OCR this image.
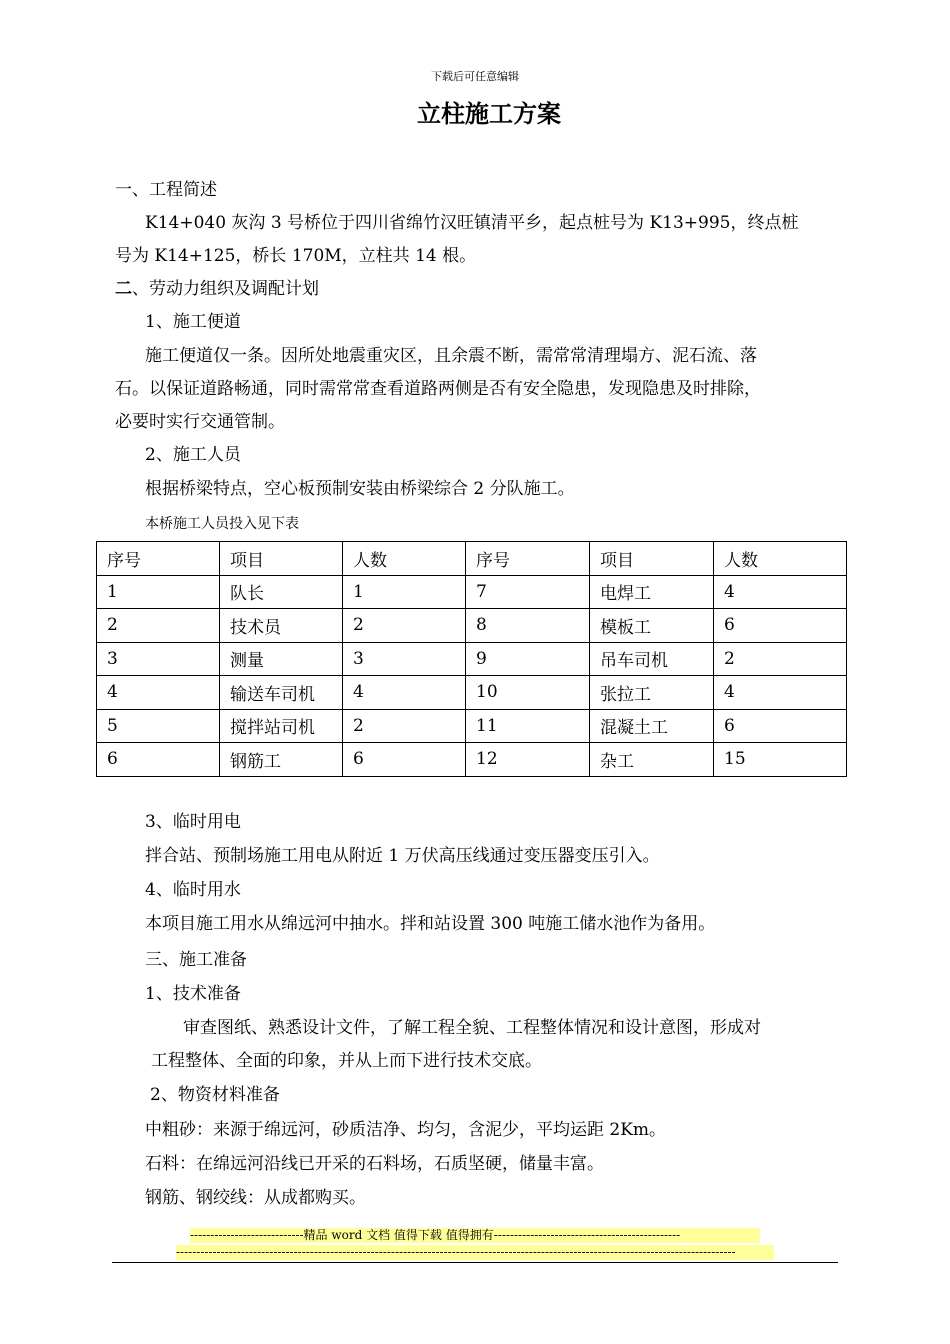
下载后可任意编辑
立柱施工方案
一、工程简述
K14+040 灰沟 3 号桥位于四川省绵竹汉旺镇清平乡，起点桩号为 K13+995，终点桩
号为 K14+125，桥长 170M，立柱共 14 根。
二、劳动力组织及调配计划
1、施工便道
施工便道仅一条。因所处地震重灾区，且余震不断，需常常清理塌方、泥石流、落
石。以保证道路畅通，同时需常常查看道路两侧是否有安全隐患，发现隐患及时排除，
必要时实行交通管制。
2、施工人员
根据桥梁特点，空心板预制安装由桥梁综合 2 分队施工。
本桥施工人员投入见下表
序号	项目	人数	序号	项目	人数
1	队长	1	7	电焊工	4
2	技术员	2	8	模板工	6
3	测量	3	9	吊车司机	2
4	输送车司机	4	10	张拉工	4
5	搅拌站司机	2	11	混凝土工	6
6	钢筋工	6	12	杂工	15
3、临时用电
拌合站、预制场施工用电从附近 1 万伏高压线通过变压器变压引入。
4、临时用水
本项目施工用水从绵远河中抽水。拌和站设置 300 吨施工储水池作为备用。
三、施工准备
1、技术准备
审查图纸、熟悉设计文件，了解工程全貌、工程整体情况和设计意图，形成对
工程整体、全面的印象，并从上而下进行技术交底。
2、物资材料准备
中粗砂：来源于绵远河，砂质洁净、均匀，含泥少，平均运距 2Km。
石料：在绵远河沿线已开采的石料场，石质坚硬，储量丰富。
钢筋、钢绞线：从成都购买。
----------------------------精品 word 文档 值得下载 值得拥有----------------------------------------------
------------------------------------------------------------------------------------------------------------------------------------------
